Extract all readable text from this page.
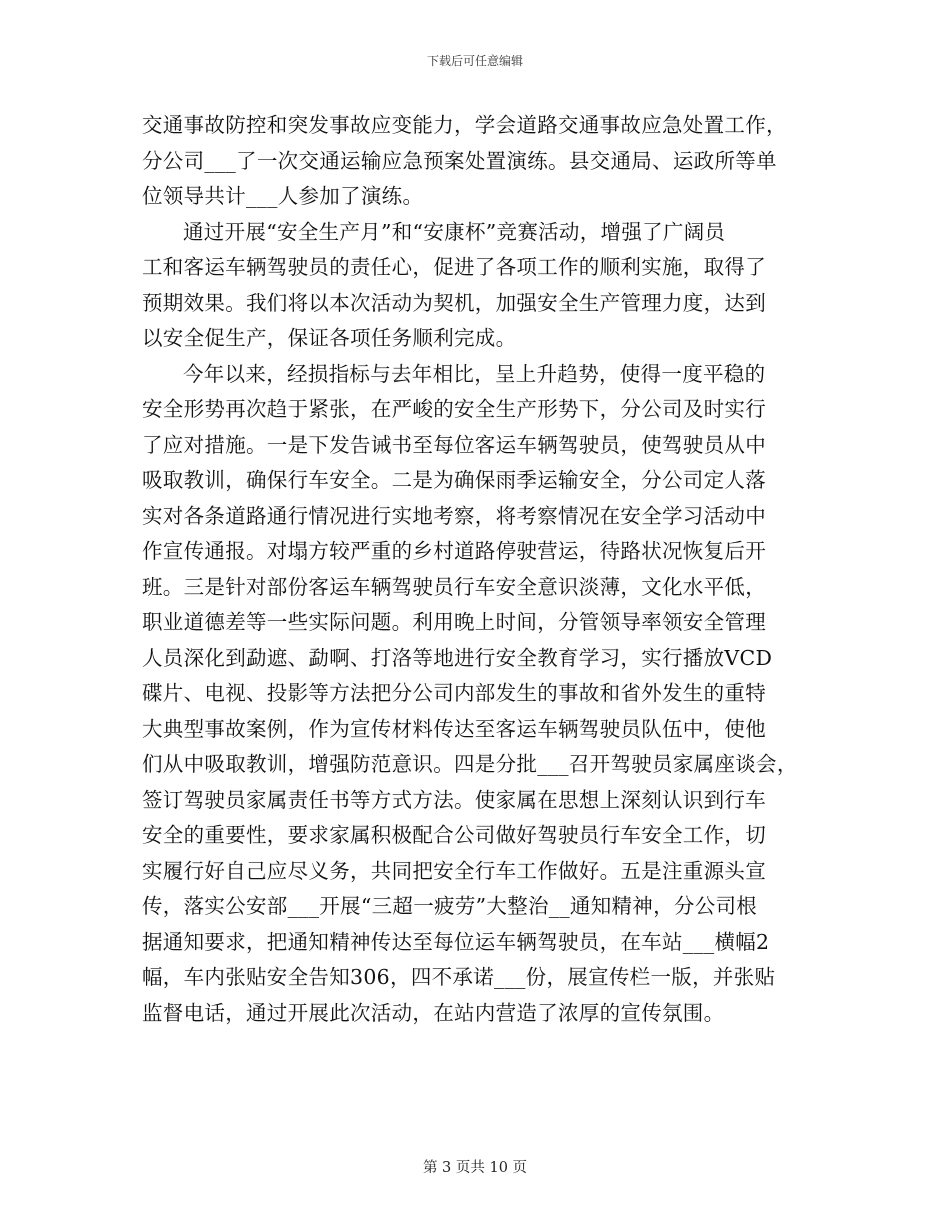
下载后可任意编辑
交通事故防控和突发事故应变能力，学会道路交通事故应急处置工作，
分公司___了一次交通运输应急预案处置演练。县交通局、运政所等单
位领导共计___人参加了演练。
通过开展“安全生产月”和“安康杯”竞赛活动，增强了广阔员
工和客运车辆驾驶员的责任心，促进了各项工作的顺利实施，取得了
预期效果。我们将以本次活动为契机，加强安全生产管理力度，达到
以安全促生产，保证各项任务顺利完成。
今年以来，经损指标与去年相比，呈上升趋势，使得一度平稳的
安全形势再次趋于紧张，在严峻的安全生产形势下，分公司及时实行
了应对措施。一是下发告诫书至每位客运车辆驾驶员，使驾驶员从中
吸取教训，确保行车安全。二是为确保雨季运输安全，分公司定人落
实对各条道路通行情况进行实地考察，将考察情况在安全学习活动中
作宣传通报。对塌方较严重的乡村道路停驶营运，待路状况恢复后开
班。三是针对部份客运车辆驾驶员行车安全意识淡薄，文化水平低，
职业道德差等一些实际问题。利用晚上时间，分管领导率领安全管理
人员深化到勐遮、勐啊、打洛等地进行安全教育学习，实行播放VCD
碟片、电视、投影等方法把分公司内部发生的事故和省外发生的重特
大典型事故案例，作为宣传材料传达至客运车辆驾驶员队伍中，使他
们从中吸取教训，增强防范意识。四是分批___召开驾驶员家属座谈会，
签订驾驶员家属责任书等方式方法。使家属在思想上深刻认识到行车
安全的重要性，要求家属积极配合公司做好驾驶员行车安全工作，切
实履行好自己应尽义务，共同把安全行车工作做好。五是注重源头宣
传，落实公安部___开展“三超一疲劳”大整治__通知精神，分公司根
据通知要求，把通知精神传达至每位运车辆驾驶员，在车站___横幅2
幅，车内张贴安全告知306，四不承诺___份，展宣传栏一版，并张贴
监督电话，通过开展此次活动，在站内营造了浓厚的宣传氛围。
第 3 页共 10 页
